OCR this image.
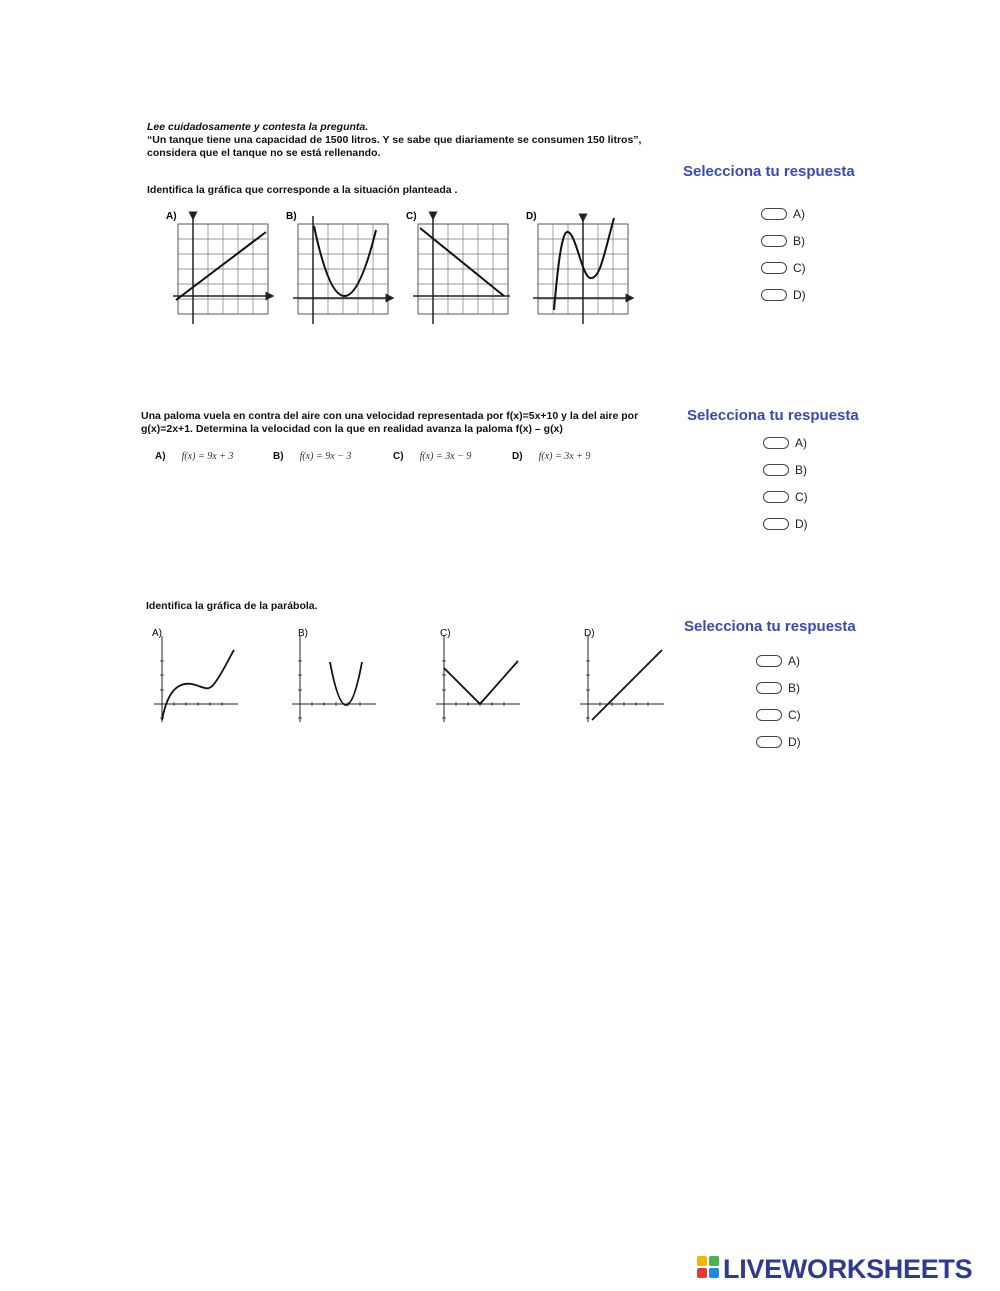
Lee cuidadosamente y contesta la pregunta.
“Un tanque tiene una capacidad de 1500 litros. Y se sabe que diariamente se consumen 150 litros”,
considera que el tanque no se está rellenando.
Identifica la gráfica que corresponde a la situación planteada .
Selecciona tu respuesta
A)
B)
C)
D)
A)	B)	C)	D)
Una paloma vuela en contra del aire con una velocidad representada por f(x)=5x+10 y la del aire por
g(x)=2x+1. Determina la velocidad con la que en realidad avanza la paloma f(x) – g(x)
A) f(x) = 9x + 3	B) f(x) = 9x − 3	C) f(x) = 3x − 9	D) f(x) = 3x + 9
Selecciona tu respuesta
A)
B)
C)
D)
Identifica la gráfica de la parábola.
Selecciona tu respuesta
A)
B)
C)
D)
A)	B)	C)	D)
LIVEWORKSHEETS
